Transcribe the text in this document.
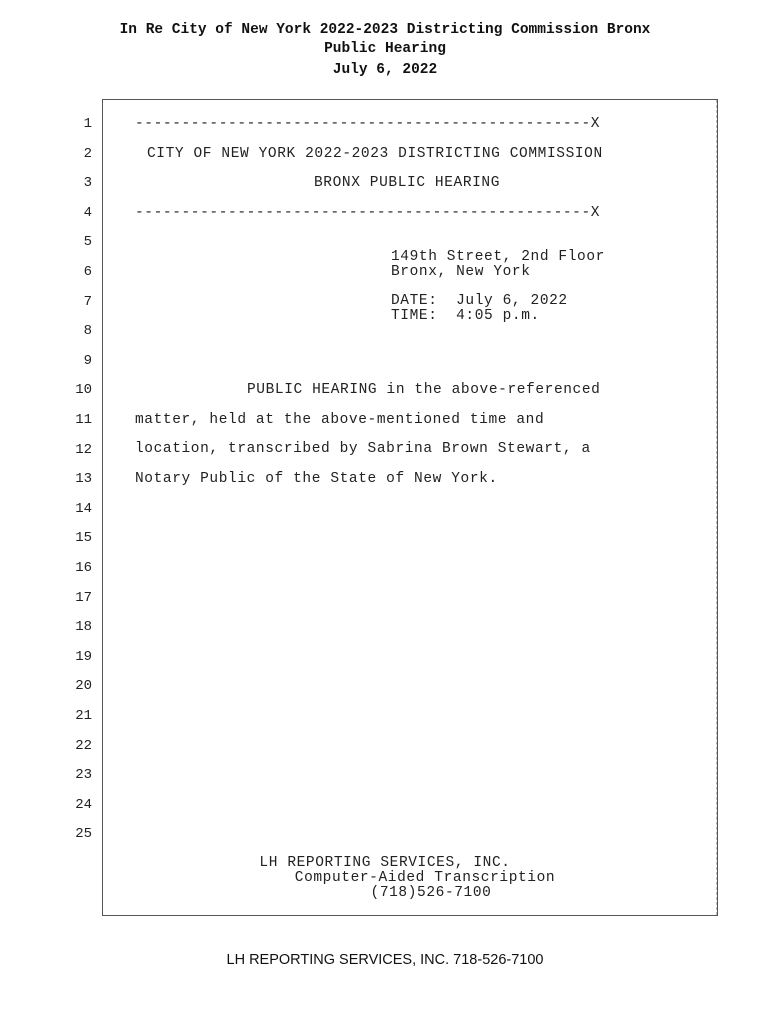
In Re City of New York 2022-2023 Districting Commission Bronx
Public Hearing
July 6, 2022
1
2
3
4
5
6
7
8
9
10
11
12
13
14
15
16
17
18
19
20
21
22
23
24
25
-------------------------------------------------X
CITY OF NEW YORK 2022-2023 DISTRICTING COMMISSION
BRONX PUBLIC HEARING
-------------------------------------------------X
149th Street, 2nd Floor
Bronx, New York
DATE:  July 6, 2022
TIME:  4:05 p.m.
PUBLIC HEARING in the above-referenced
matter, held at the above-mentioned time and
location, transcribed by Sabrina Brown Stewart, a
Notary Public of the State of New York.
LH REPORTING SERVICES, INC.
Computer-Aided Transcription
(718)526-7100
LH REPORTING SERVICES, INC. 718-526-7100
